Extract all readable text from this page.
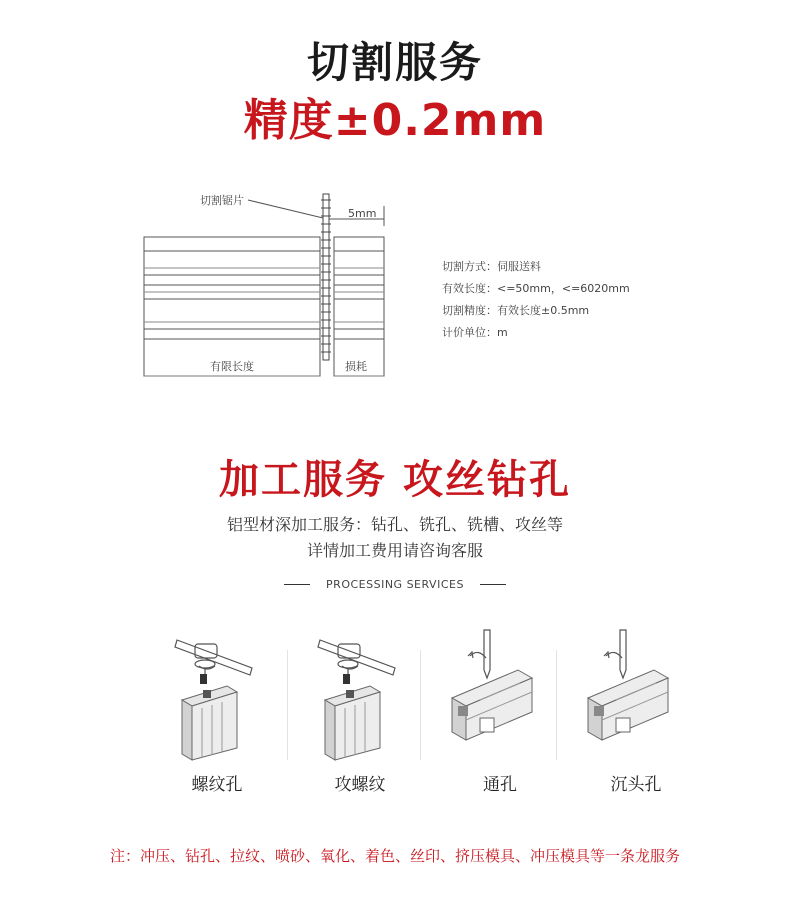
切割服务
精度±0.2mm
切割锯片
5mm
有限长度	损耗
切割方式：伺服送料
有效长度：<=50mm，<=6020mm
切割精度：有效长度±0.5mm
计价单位：m
加工服务 攻丝钻孔
铝型材深加工服务：钻孔、铣孔、铣槽、攻丝等
详情加工费用请咨询客服
PROCESSING SERVICES
螺纹孔	攻螺纹	通孔	沉头孔
注：冲压、钻孔、拉纹、喷砂、氧化、着色、丝印、挤压模具、冲压模具等一条龙服务
